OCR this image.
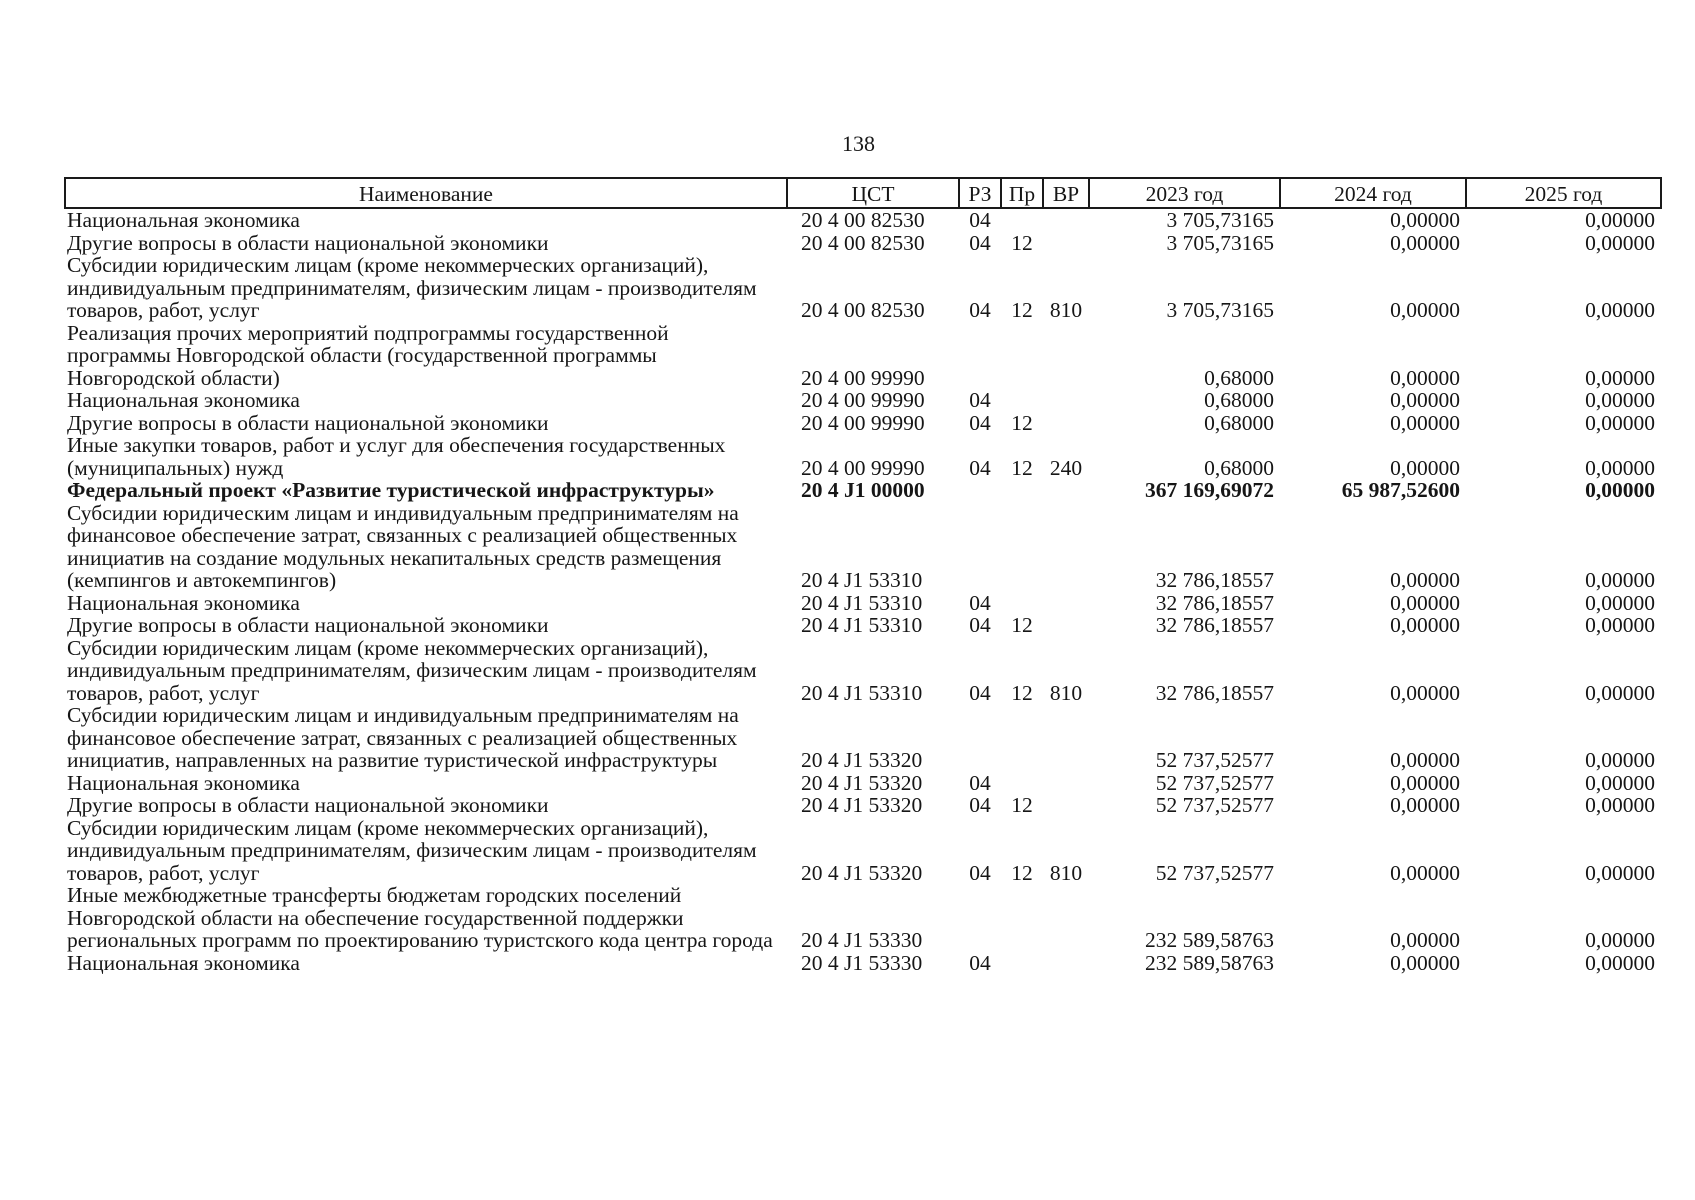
138
Наименование	ЦСТ	РЗ	Пр	ВР	2023 год	2024 год	2025 год
Национальная экономика	20 4 00 82530	04			3 705,73165	0,00000	0,00000
Другие вопросы в области национальной экономики	20 4 00 82530	04	12		3 705,73165	0,00000	0,00000
Субсидии юридическим лицам (кроме некоммерческих организаций), индивидуальным предпринимателям, физическим лицам - производителям товаров, работ, услуг	20 4 00 82530	04	12	810	3 705,73165	0,00000	0,00000
Реализация прочих мероприятий подпрограммы государственной программы Новгородской области (государственной программы Новгородской области)	20 4 00 99990				0,68000	0,00000	0,00000
Национальная экономика	20 4 00 99990	04			0,68000	0,00000	0,00000
Другие вопросы в области национальной экономики	20 4 00 99990	04	12		0,68000	0,00000	0,00000
Иные закупки товаров, работ и услуг для обеспечения государственных (муниципальных) нужд	20 4 00 99990	04	12	240	0,68000	0,00000	0,00000
Федеральный проект «Развитие туристической инфраструктуры»	20 4 J1 00000				367 169,69072	65 987,52600	0,00000
Субсидии юридическим лицам и индивидуальным предпринимателям на финансовое обеспечение затрат, связанных с реализацией общественных инициатив на создание модульных некапитальных средств размещения (кемпингов и автокемпингов)	20 4 J1 53310				32 786,18557	0,00000	0,00000
Национальная экономика	20 4 J1 53310	04			32 786,18557	0,00000	0,00000
Другие вопросы в области национальной экономики	20 4 J1 53310	04	12		32 786,18557	0,00000	0,00000
Субсидии юридическим лицам (кроме некоммерческих организаций), индивидуальным предпринимателям, физическим лицам - производителям товаров, работ, услуг	20 4 J1 53310	04	12	810	32 786,18557	0,00000	0,00000
Субсидии юридическим лицам и индивидуальным предпринимателям на финансовое обеспечение затрат, связанных с реализацией общественных инициатив, направленных на развитие туристической инфраструктуры	20 4 J1 53320				52 737,52577	0,00000	0,00000
Национальная экономика	20 4 J1 53320	04			52 737,52577	0,00000	0,00000
Другие вопросы в области национальной экономики	20 4 J1 53320	04	12		52 737,52577	0,00000	0,00000
Субсидии юридическим лицам (кроме некоммерческих организаций), индивидуальным предпринимателям, физическим лицам - производителям товаров, работ, услуг	20 4 J1 53320	04	12	810	52 737,52577	0,00000	0,00000
Иные межбюджетные трансферты бюджетам городских поселений Новгородской области на обеспечение государственной поддержки региональных программ по проектированию туристского кода центра города	20 4 J1 53330				232 589,58763	0,00000	0,00000
Национальная экономика	20 4 J1 53330	04			232 589,58763	0,00000	0,00000
